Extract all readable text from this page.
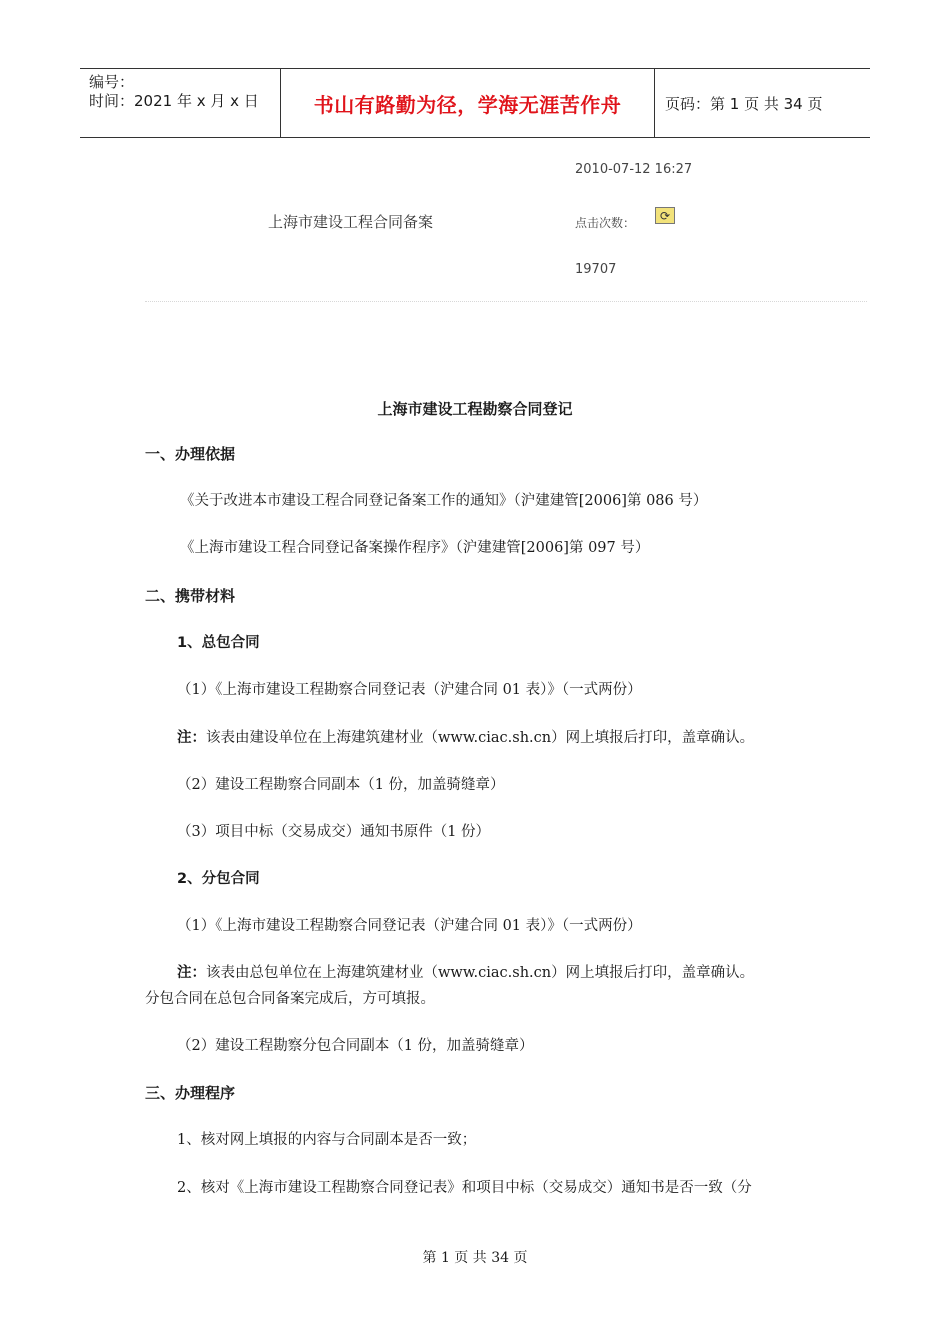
编号：
时间：2021 年 x 月 x 日	书山有路勤为径，学海无涯苦作舟	页码：第 1 页 共 34 页
2010-07-12 16:27
上海市建设工程合同备案	点击次数：
⟳
19707
上海市建设工程勘察合同登记
一、办理依据
《关于改进本市建设工程合同登记备案工作的通知》（沪建建管[2006]第 086 号）
《上海市建设工程合同登记备案操作程序》（沪建建管[2006]第 097 号）
二、携带材料
1、总包合同
（1）《上海市建设工程勘察合同登记表（沪建合同 01 表）》（一式两份）
注：该表由建设单位在上海建筑建材业（www.ciac.sh.cn）网上填报后打印，盖章确认。
（2）建设工程勘察合同副本（1 份，加盖骑缝章）
（3）项目中标（交易成交）通知书原件（1 份）
2、分包合同
（1）《上海市建设工程勘察合同登记表（沪建合同 01 表）》（一式两份）
注：该表由总包单位在上海建筑建材业（www.ciac.sh.cn）网上填报后打印，盖章确认。
分包合同在总包合同备案完成后，方可填报。
（2）建设工程勘察分包合同副本（1 份，加盖骑缝章）
三、办理程序
1、核对网上填报的内容与合同副本是否一致；
2、核对《上海市建设工程勘察合同登记表》和项目中标（交易成交）通知书是否一致（分
第 1 页 共 34 页
